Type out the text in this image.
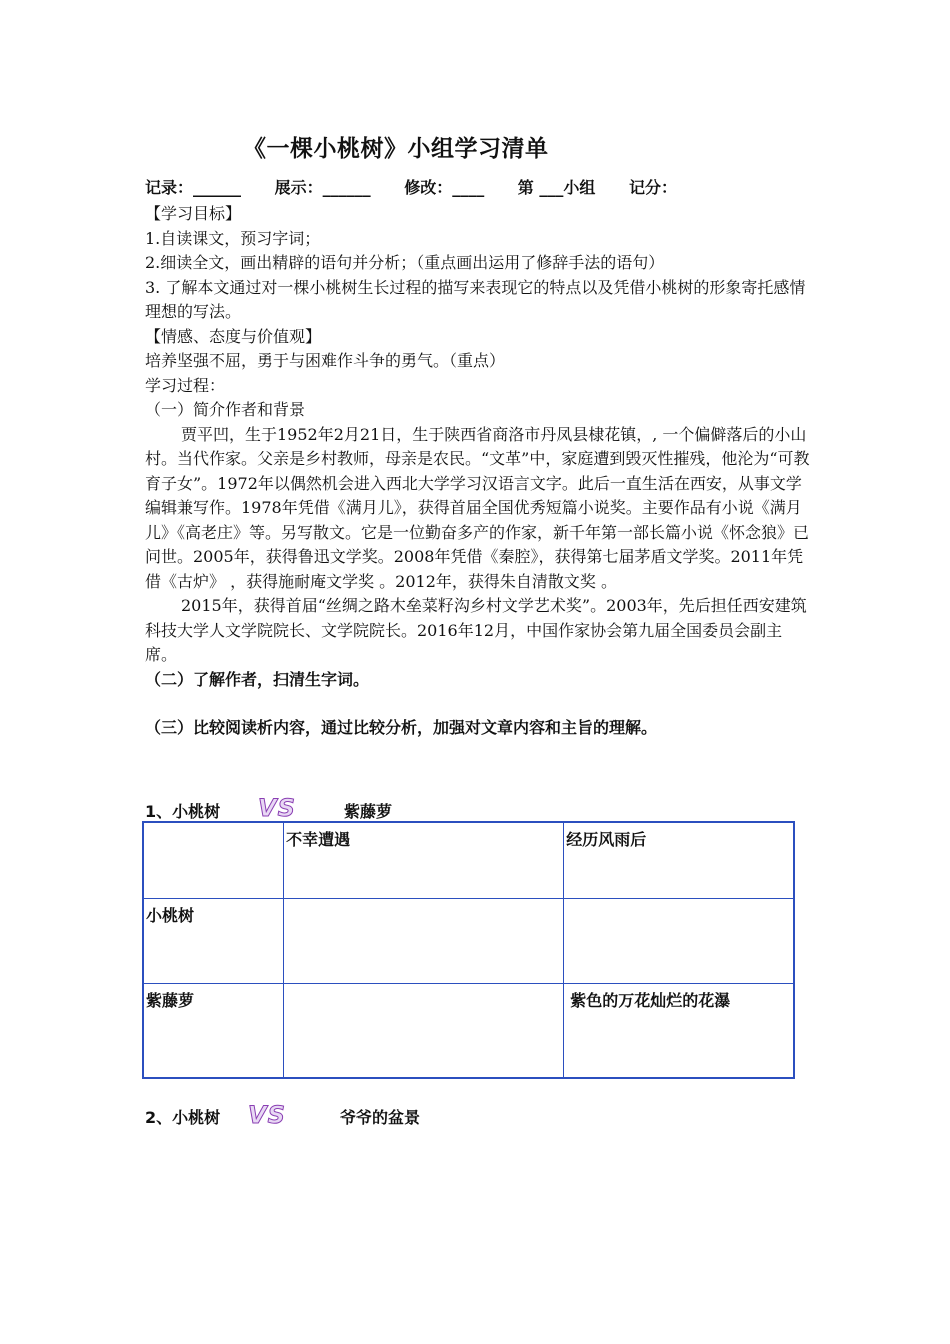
《一棵小桃树》小组学习清单
记录：______ 展示：______ 修改：____ 第 ___小组 记分：

【学习目标】

1.自读课文，预习字词；

2.细读全文，画出精辟的语句并分析；（重点画出运用了修辞手法的语句）

3. 了解本文通过对一棵小桃树生长过程的描写来表现它的特点以及凭借小桃树的形象寄托感情理想的写法。

【情感、态度与价值观】

培养坚强不屈，勇于与困难作斗争的勇气。（重点）

学习过程：

（一）简介作者和背景

贾平凹，生于1952年2月21日，生于陕西省商洛市丹凤县棣花镇，, 一个偏僻落后的小山村。当代作家。父亲是乡村教师，母亲是农民。“文革”中，家庭遭到毁灭性摧残，他沦为“可教育子女”。1972年以偶然机会进入西北大学学习汉语言文字。此后一直生活在西安，从事文学编辑兼写作。1978年凭借《满月儿》，获得首届全国优秀短篇小说奖。主要作品有小说《满月儿》《高老庄》等。另写散文。它是一位勤奋多产的作家，新千年第一部长篇小说《怀念狼》已问世。2005年，获得鲁迅文学奖。2008年凭借《秦腔》，获得第七届茅盾文学奖。2011年凭借《古炉》 ，获得施耐庵文学奖 。2012年，获得朱自清散文奖 。

2015年，获得首届“丝绸之路木垒菜籽沟乡村文学艺术奖”。2003年，先后担任西安建筑科技大学人文学院院长、文学院院长。2016年12月，中国作家协会第九届全国委员会副主席。

（二）了解作者，扫清生字词。

（三）比较阅读析内容，通过比较分析，加强对文章内容和主旨的理解。

1、小桃树 VS	紫藤萝
	不幸遭遇	经历风雨后
小桃树		
紫藤萝		紫色的万花灿烂的花瀑
2、小桃树 VS	爷爷的盆景
